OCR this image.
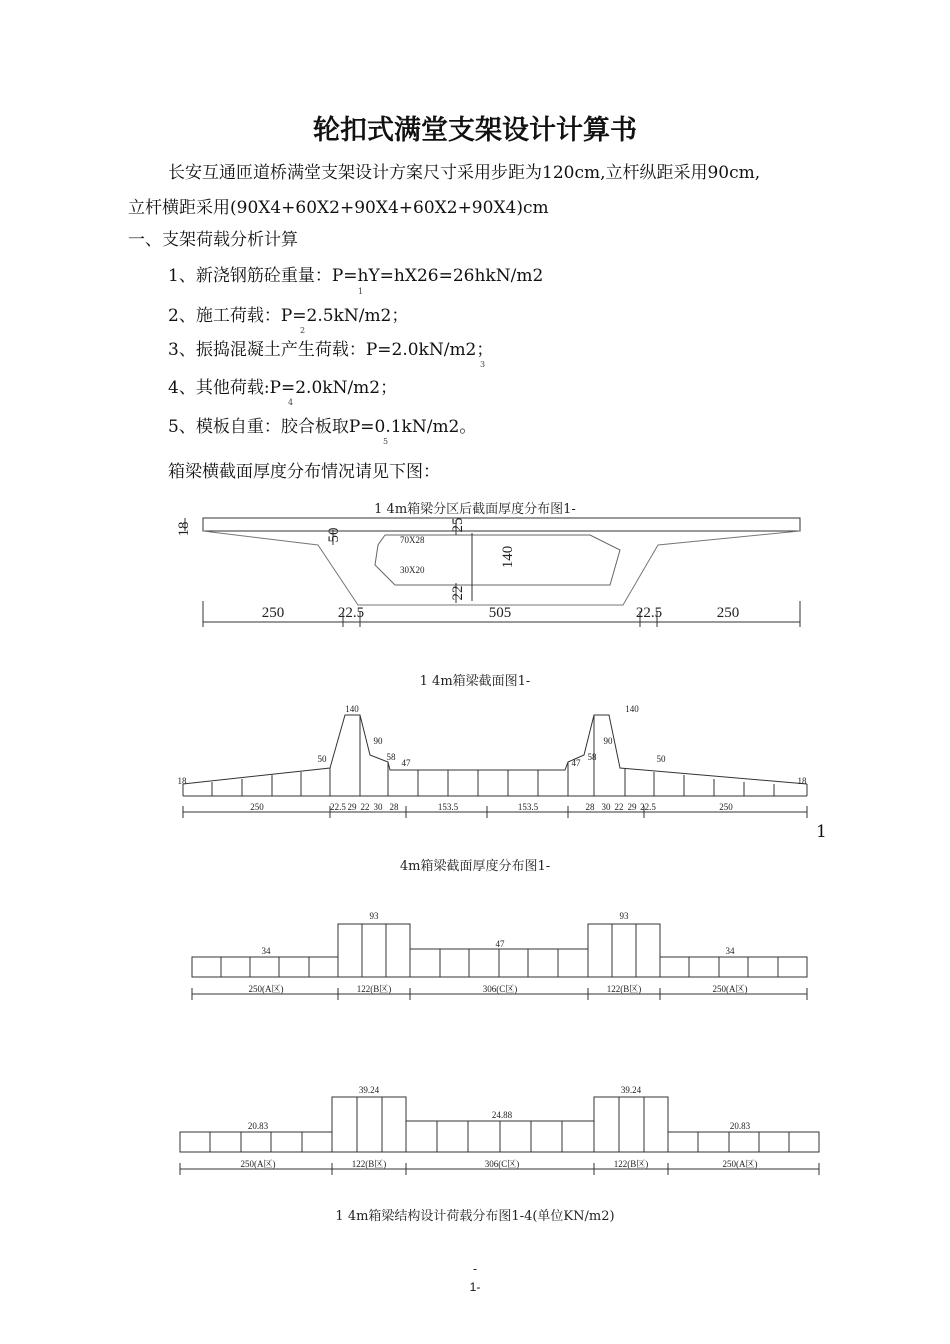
轮扣式满堂支架设计计算书
长安互通匝道桥满堂支架设计方案尺寸采用步距为120cm,立杆纵距采用90cm,
立杆横距采用(90X4+60X2+90X4+60X2+90X4)cm
一、支架荷载分析计算
1、新浇钢筋砼重量：P=hY=hX26=26hkN/m2
1
2、施工荷载：P=2.5kN/m2；
2
3、振捣混凝土产生荷载：P=2.0kN/m2；
3
4、其他荷载:P=2.0kN/m2；
4
5、模板自重：胶合板取P=0.1kN/m2。
5
箱梁横截面厚度分布情况请见下图：
1 4m箱梁分区后截面厚度分布图1-
18	50
25
140
22
70X28
30X20
250	22.5	505	22.5	250
1 4m箱梁截面图1-
18
50
140
90
58
47	47
58
90
140
50
18
250	22.5 29 22 30 28	153.5	153.5	28 30 22 29 22.5	250
1
4m箱梁截面厚度分布图1-
34
93
47
93
34
250(A区)	122(B区)	306(C区)	122(B区)	250(A区)
20.83
39.24
24.88
39.24
20.83
250(A区)	122(B区)	306(C区)	122(B区)	250(A区)
1 4m箱梁结构设计荷载分布图1-4(单位KN/m2)
-
1-
